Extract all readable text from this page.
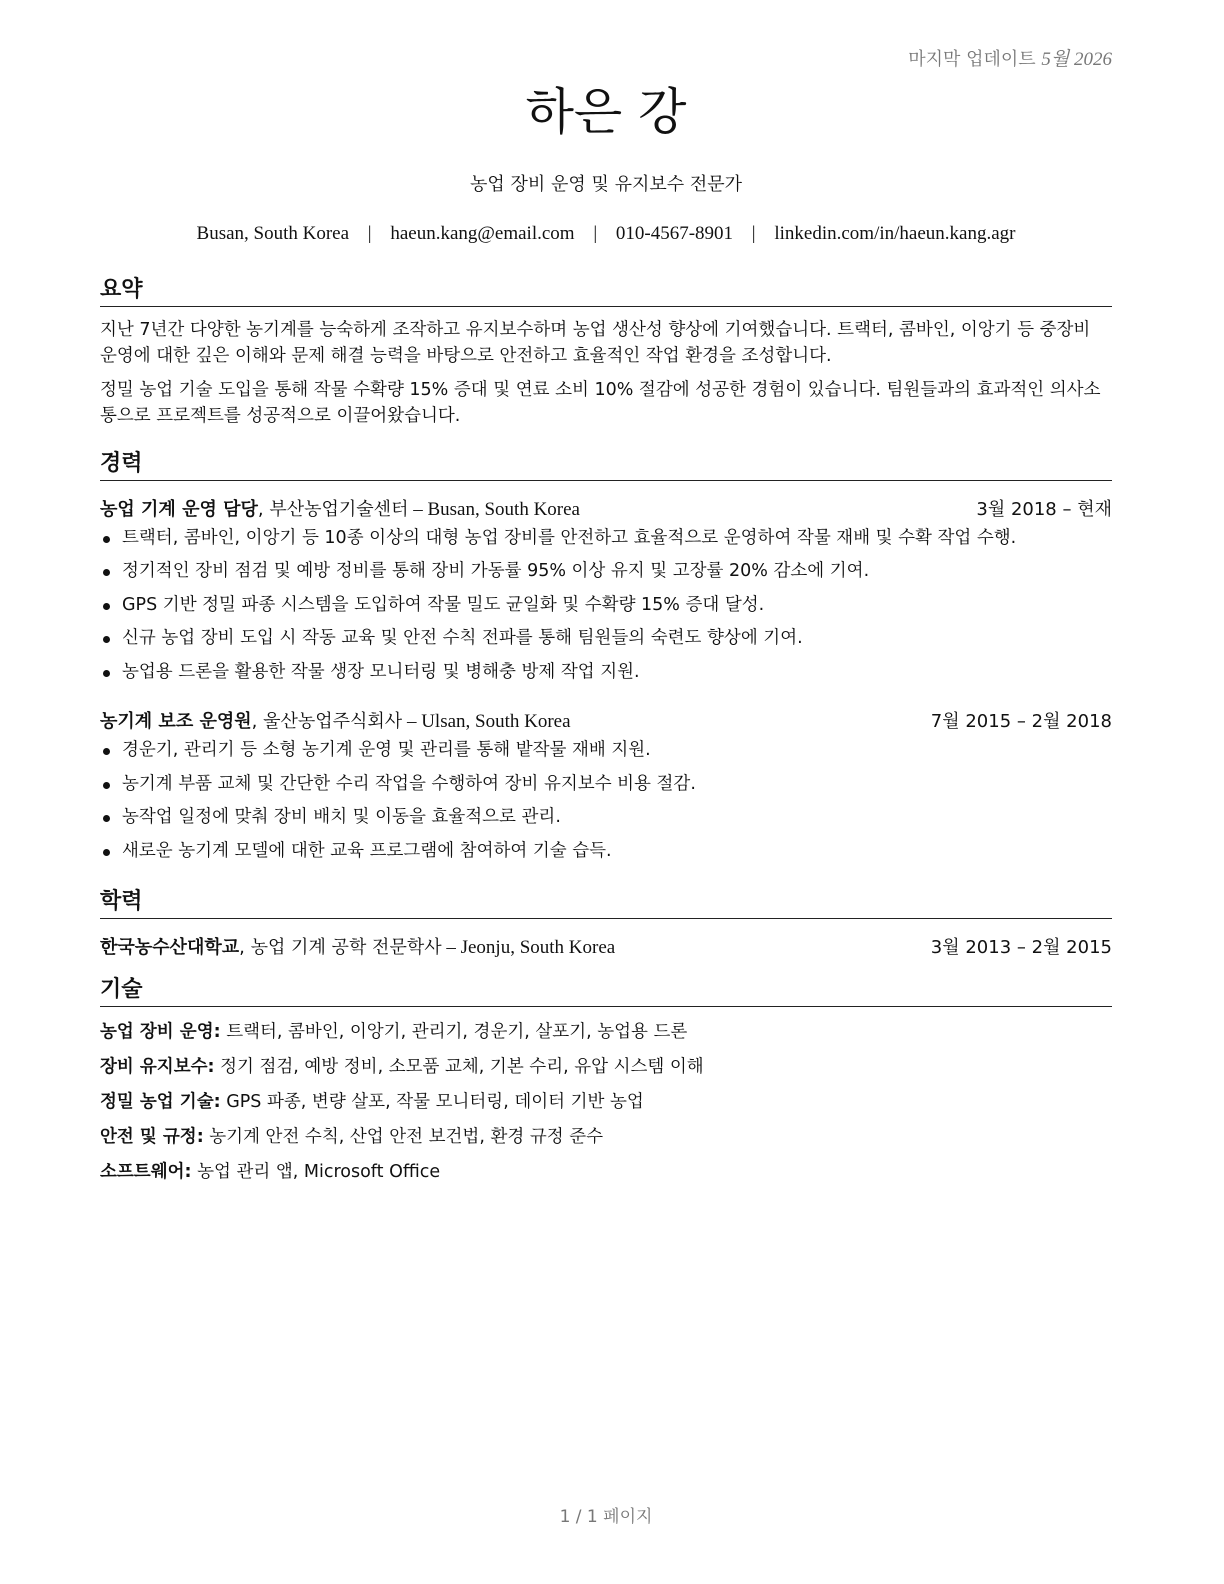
마지막 업데이트 5월 2026
하은 강
농업 장비 운영 및 유지보수 전문가
Busan, South Korea | haeun.kang@email.com | 010-4567-8901 | linkedin.com/in/haeun.kang.agr
요약

지난 7년간 다양한 농기계를 능숙하게 조작하고 유지보수하며 농업 생산성 향상에 기여했습니다. 트랙터, 콤바인, 이앙기 등 중장비 운영에 대한 깊은 이해와 문제 해결 능력을 바탕으로 안전하고 효율적인 작업 환경을 조성합니다.

정밀 농업 기술 도입을 통해 작물 수확량 15% 증대 및 연료 소비 10% 절감에 성공한 경험이 있습니다. 팀원들과의 효과적인 의사소통으로 프로젝트를 성공적으로 이끌어왔습니다.

경력
농업 기계 운영 담당, 부산농업기술센터 – Busan, South Korea	3월 2018 – 현재
트랙터, 콤바인, 이앙기 등 10종 이상의 대형 농업 장비를 안전하고 효율적으로 운영하여 작물 재배 및 수확 작업 수행.
정기적인 장비 점검 및 예방 정비를 통해 장비 가동률 95% 이상 유지 및 고장률 20% 감소에 기여.
GPS 기반 정밀 파종 시스템을 도입하여 작물 밀도 균일화 및 수확량 15% 증대 달성.
신규 농업 장비 도입 시 작동 교육 및 안전 수칙 전파를 통해 팀원들의 숙련도 향상에 기여.
농업용 드론을 활용한 작물 생장 모니터링 및 병해충 방제 작업 지원.
농기계 보조 운영원, 울산농업주식회사 – Ulsan, South Korea	7월 2015 – 2월 2018
경운기, 관리기 등 소형 농기계 운영 및 관리를 통해 밭작물 재배 지원.
농기계 부품 교체 및 간단한 수리 작업을 수행하여 장비 유지보수 비용 절감.
농작업 일정에 맞춰 장비 배치 및 이동을 효율적으로 관리.
새로운 농기계 모델에 대한 교육 프로그램에 참여하여 기술 습득.
학력
한국농수산대학교, 농업 기계 공학 전문학사 – Jeonju, South Korea	3월 2013 – 2월 2015
기술
농업 장비 운영: 트랙터, 콤바인, 이앙기, 관리기, 경운기, 살포기, 농업용 드론
장비 유지보수: 정기 점검, 예방 정비, 소모품 교체, 기본 수리, 유압 시스템 이해
정밀 농업 기술: GPS 파종, 변량 살포, 작물 모니터링, 데이터 기반 농업
안전 및 규정: 농기계 안전 수칙, 산업 안전 보건법, 환경 규정 준수
소프트웨어: 농업 관리 앱, Microsoft Office
1 / 1 페이지
